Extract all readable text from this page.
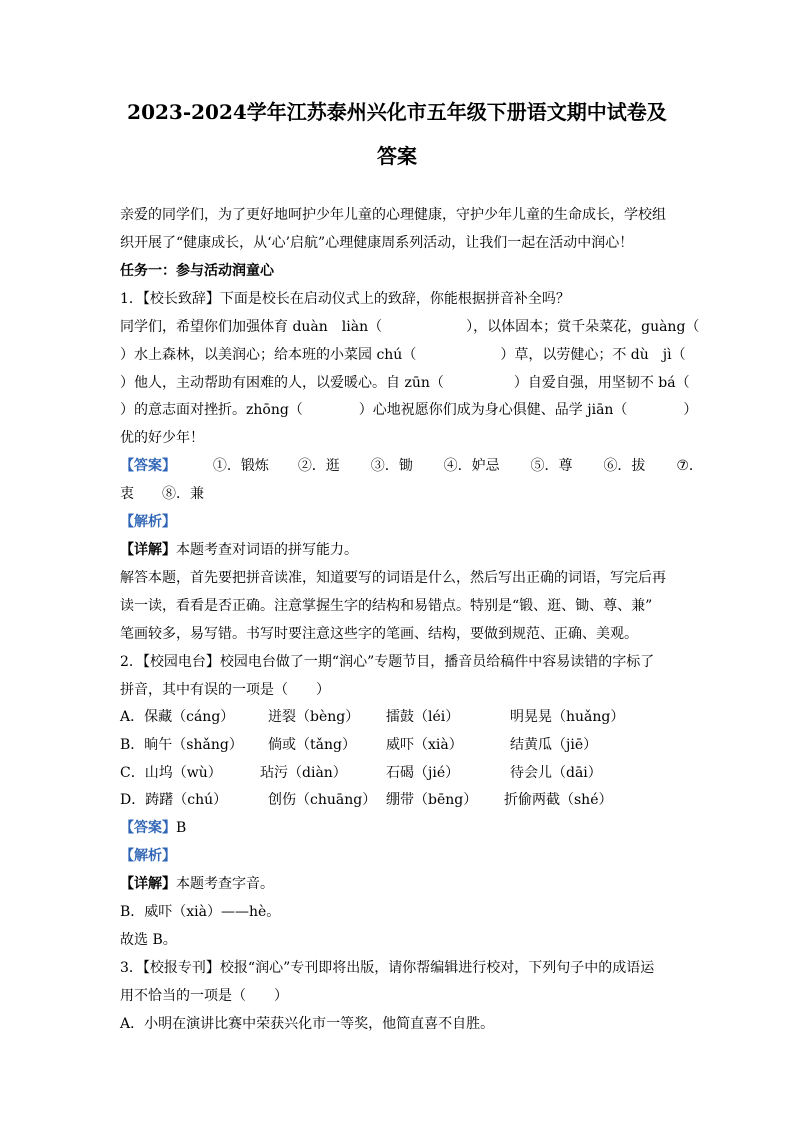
2023-2024学年江苏泰州兴化市五年级下册语文期中试卷及
答案
亲爱的同学们，为了更好地呵护少年儿童的心理健康，守护少年儿童的生命成长，学校组
织开展了“健康成长，从‘心’启航”心理健康周系列活动，让我们一起在活动中润心！
任务一：参与活动润童心
1．【校长致辞】下面是校长在启动仪式上的致辞，你能根据拼音补全吗？
同学们，希望你们加强体育 duàn　liàn（　　　　　　），以体固本；赏千朵菜花，guàng（
）水上森林，以美润心；给本班的小菜园 chú（　　　　　　）草，以劳健心；不 dù　jì（
）他人，主动帮助有困难的人，以爱暖心。自 zūn（　　　　　）自爱自强，用坚韧不 bá（
）的意志面对挫折。zhōng（　　　　）心地祝愿你们成为身心俱健、品学 jiān（　　　　）
优的好少年！
【答案】	①．锻炼 ②．逛 ③．锄 ④．妒忌 ⑤．尊 ⑥．拔 ⑦．
衷　　⑧．兼
【解析】
【详解】本题考查对词语的拼写能力。
解答本题，首先要把拼音读准，知道要写的词语是什么，然后写出正确的词语，写完后再
读一读，看看是否正确。注意掌握生字的结构和易错点。特别是“锻、逛、锄、尊、兼”
笔画较多，易写错。书写时要注意这些字的笔画、结构，要做到规范、正确、美观。
2．【校园电台】校园电台做了一期“润心”专题节目，播音员给稿件中容易读错的字标了
拼音，其中有误的一项是（　　）
A．保藏（cáng） 迸裂（bèng） 擂鼓（léi）	明晃晃（huǎng）
B．晌午（shǎng） 倘或（tǎng） 威吓（xià）	结黄瓜（jiē）
C．山坞（wù）	玷污（diàn）	石碣（jié）	待会儿（dāi）
D．踌躇（chú）	创伤（chuāng） 绷带（bēng） 折偷两截（shé）
【答案】B
【解析】
【详解】本题考查字音。
B．威吓（xià）——hè。
故选 B。
3．【校报专刊】校报“润心”专刊即将出版，请你帮编辑进行校对，下列句子中的成语运
用不恰当的一项是（　　）
A．小明在演讲比赛中荣获兴化市一等奖，他简直喜不自胜。
